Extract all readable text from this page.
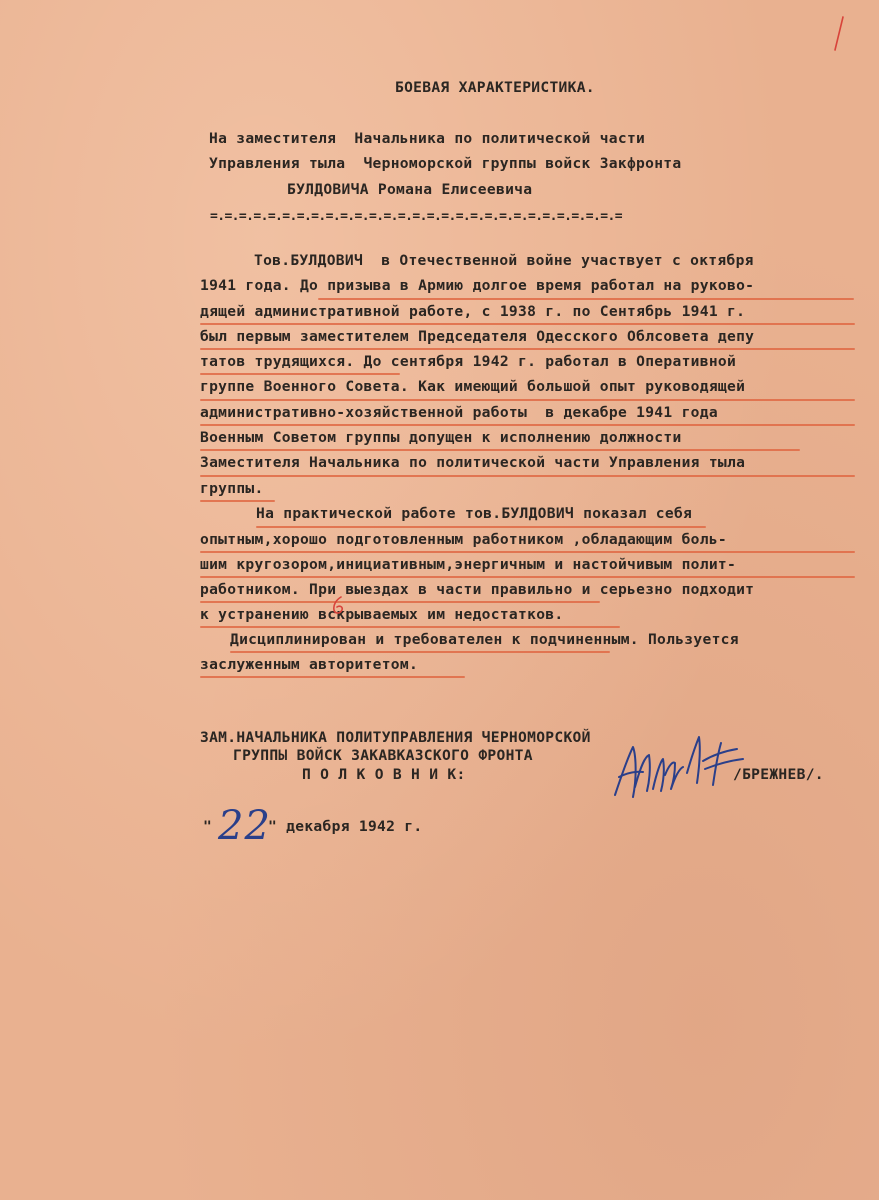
БОЕВАЯ ХАРАКТЕРИСТИКА.
На заместителя  Начальника по политической части
Управления тыла  Черноморской группы войск Закфронта
БУЛДОВИЧА Романа Елисеевича
=.=.=.=.=.=.=.=.=.=.=.=.=.=.=.=.=.=.=.=.=.=.=.=.=.=.=.=.=
Тов.БУЛДОВИЧ  в Отечественной войне участвует с октября
1941 года. До призыва в Армию долгое время работал на руково-
дящей административной работе, с 1938 г. по Сентябрь 1941 г.
был первым заместителем Председателя Одесского Облсовета депу
татов трудящихся. До сентября 1942 г. работал в Оперативной
группе Военного Совета. Как имеющий большой опыт руководящей
административно-хозяйственной работы  в декабре 1941 года
Военным Советом группы допущен к исполнению должности
Заместителя Начальника по политической части Управления тыла
группы.
На практической работе тов.БУЛДОВИЧ показал себя
опытным,хорошо подготовленным работником ,обладающим боль-
шим кругозором,инициативным,энергичным и настойчивым полит-
работником. При выездах в части правильно и серьезно подходит
к устранению вскрываемых им недостатков.
Дисциплинирован и требователен к подчиненным. Пользуется
заслуженным авторитетом.
ЗАМ.НАЧАЛЬНИКА ПОЛИТУПРАВЛЕНИЯ ЧЕРНОМОРСКОЙ
ГРУППЫ ВОЙСК ЗАКАВКАЗСКОГО ФРОНТА
П О Л К О В Н И К:	/БРЕЖНЕВ/.
" 22
" декабря 1942 г.
